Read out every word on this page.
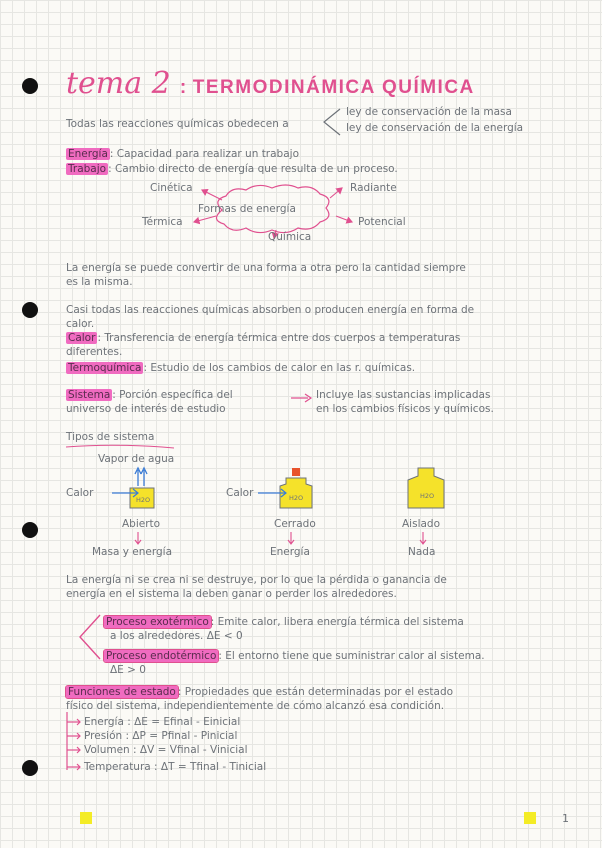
tema 2 : TERMODINÁMICA QUÍMICA
Todas las reacciones químicas obedecen a
ley de conservación de la masa
ley de conservación de la energía
Energía : Capacidad para realizar un trabajo
Trabajo : Cambio directo de energía que resulta de un proceso.
Formas de energía
Cinética	Radiante
Térmica	Potencial
Química
La energía se puede convertir de una forma a otra pero la cantidad siempre
es la misma.
Casi todas las reacciones químicas absorben o producen energía en forma de
calor.
Calor : Transferencia de energía térmica entre dos cuerpos a temperaturas
diferentes.
Termoquímica : Estudio de los cambios de calor en las r. químicas.
Sistema : Porción específica del
universo de interés de estudio
Incluye las sustancias implicadas
en los cambios físicos y químicos.
Tipos de sistema
Vapor de agua
H2O
Calor	H2O
Calor	H2O
Abierto	Cerrado	Aislado
Masa y energía	Energía	Nada
La energía ni se crea ni se destruye, por lo que la pérdida o ganancia de
energía en el sistema la deben ganar o perder los alrededores.
Proceso exotérmico : Emite calor, libera energía térmica del sistema
a los alrededores. ΔE < 0
Proceso endotérmico : El entorno tiene que suministrar calor al sistema.
ΔE > 0
Funciones de estado : Propiedades que están determinadas por el estado
físico del sistema, independientemente de cómo alcanzó esa condición.
Energía : ΔE = Efinal - Einicial
Presión : ΔP = Pfinal - Pinicial
Volumen : ΔV = Vfinal - Vinicial
Temperatura : ΔT = Tfinal - Tinicial
1
